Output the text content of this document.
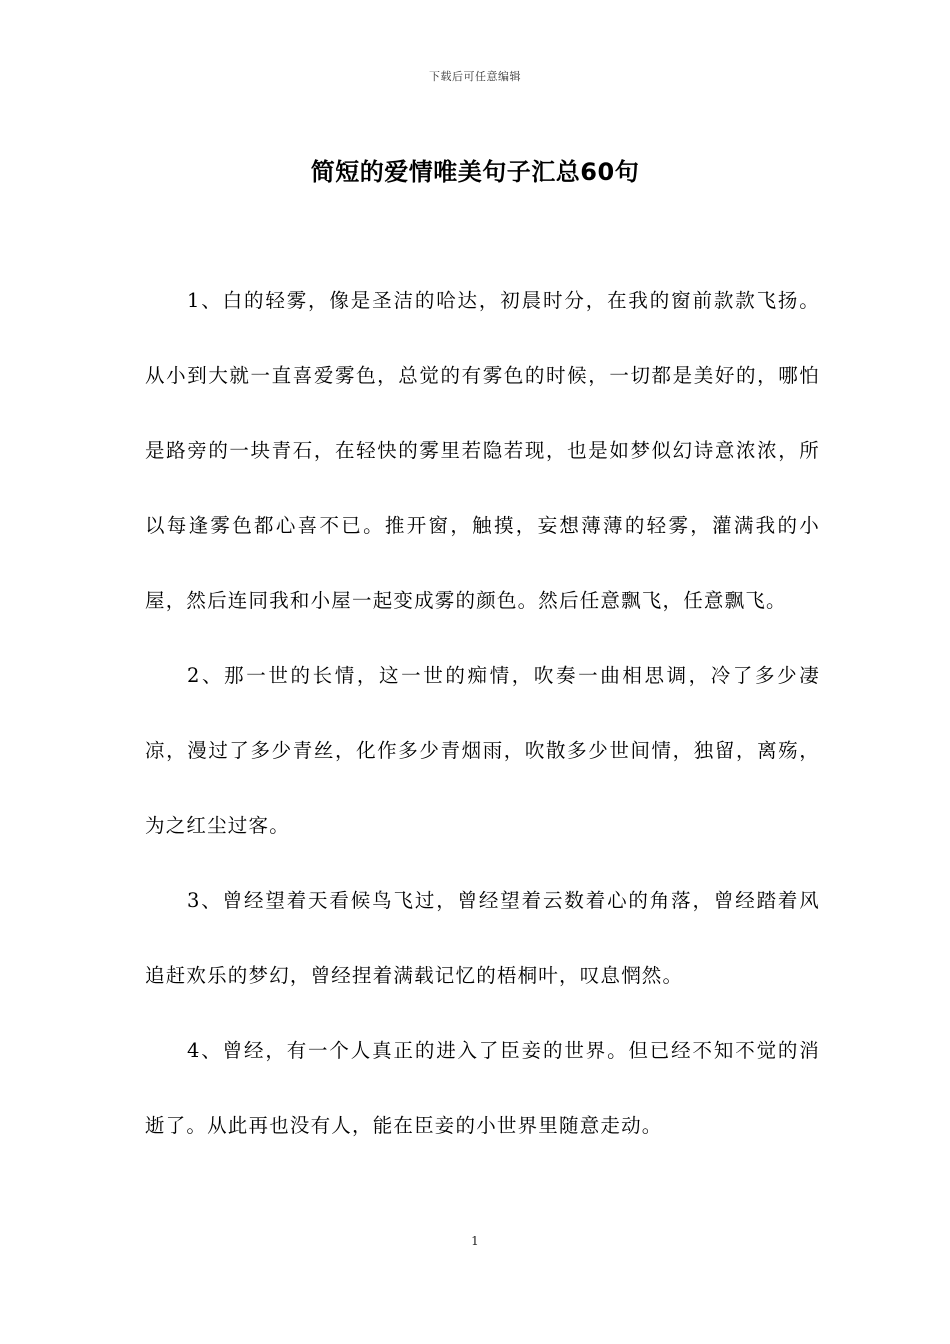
下载后可任意编辑
简短的爱情唯美句子汇总60句

1、白的轻雾，像是圣洁的哈达，初晨时分，在我的窗前款款飞扬。从小到大就一直喜爱雾色，总觉的有雾色的时候，一切都是美好的，哪怕是路旁的一块青石，在轻快的雾里若隐若现，也是如梦似幻诗意浓浓，所以每逢雾色都心喜不已。推开窗，触摸，妄想薄薄的轻雾，灌满我的小屋，然后连同我和小屋一起变成雾的颜色。然后任意飘飞，任意飘飞。

2、那一世的长情，这一世的痴情，吹奏一曲相思调，冷了多少凄凉，漫过了多少青丝，化作多少青烟雨，吹散多少世间情，独留，离殇，为之红尘过客。

3、曾经望着天看候鸟飞过，曾经望着云数着心的角落，曾经踏着风追赶欢乐的梦幻，曾经捏着满载记忆的梧桐叶，叹息惘然。

4、曾经，有一个人真正的进入了臣妾的世界。但已经不知不觉的消逝了。从此再也没有人，能在臣妾的小世界里随意走动。

1
